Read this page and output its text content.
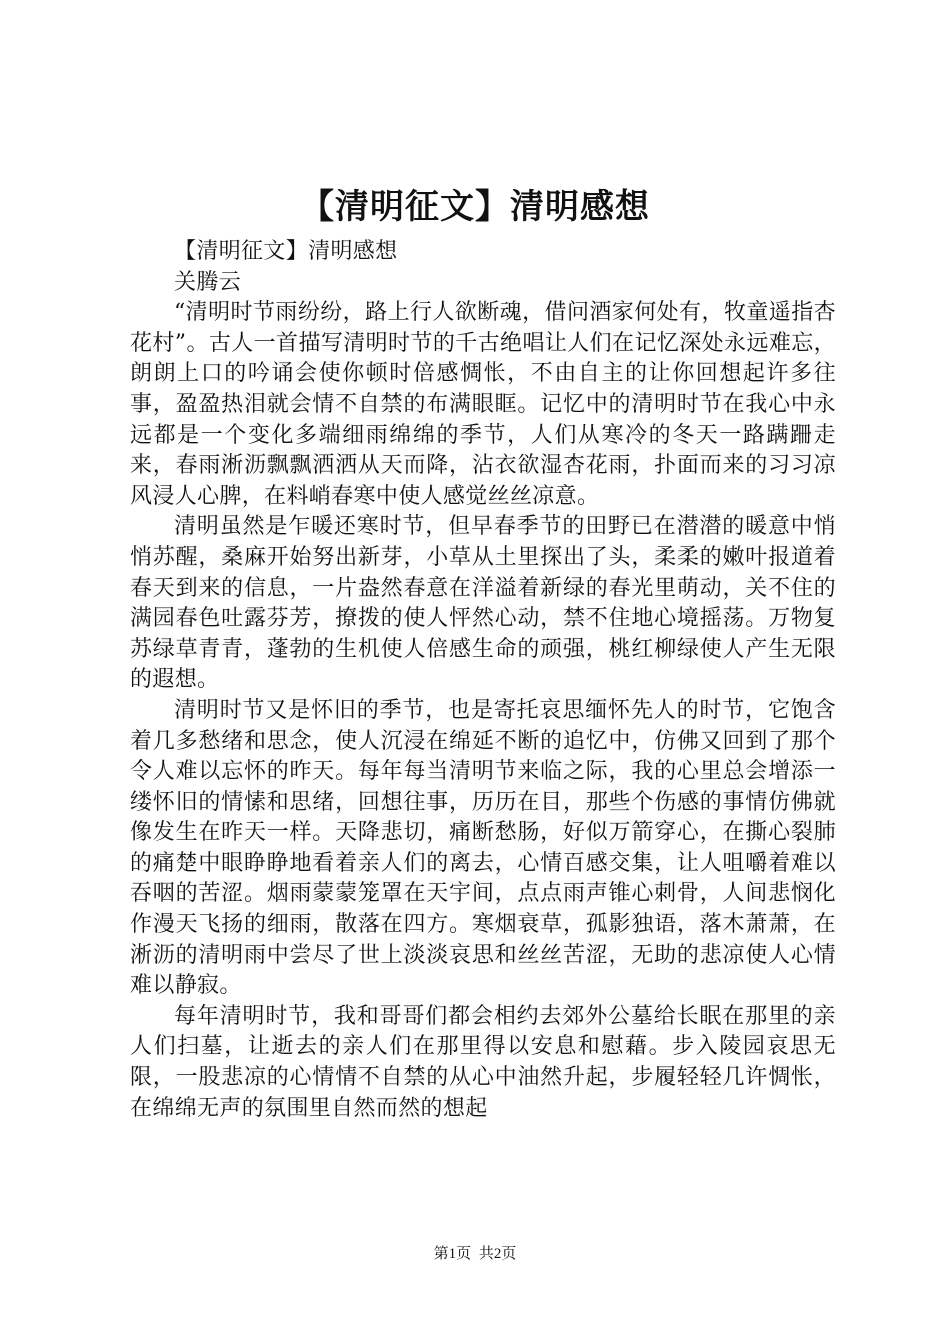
【清明征文】清明感想

【清明征文】清明感想

关腾云

“清明时节雨纷纷，路上行人欲断魂，借问酒家何处有，牧童遥指杏花村”。古人一首描写清明时节的千古绝唱让人们在记忆深处永远难忘，朗朗上口的吟诵会使你顿时倍感惆怅，不由自主的让你回想起许多往事，盈盈热泪就会情不自禁的布满眼眶。记忆中的清明时节在我心中永远都是一个变化多端细雨绵绵的季节，人们从寒冷的冬天一路蹒跚走来，春雨淅沥飘飘洒洒从天而降，沾衣欲湿杏花雨，扑面而来的习习凉风浸人心脾，在料峭春寒中使人感觉丝丝凉意。

清明虽然是乍暖还寒时节，但早春季节的田野已在潜潜的暖意中悄悄苏醒，桑麻开始努出新芽，小草从土里探出了头，柔柔的嫩叶报道着春天到来的信息，一片盎然春意在洋溢着新绿的春光里萌动，关不住的满园春色吐露芬芳，撩拨的使人怦然心动，禁不住地心境摇荡。万物复苏绿草青青，蓬勃的生机使人倍感生命的顽强，桃红柳绿使人产生无限的遐想。

清明时节又是怀旧的季节，也是寄托哀思缅怀先人的时节，它饱含着几多愁绪和思念，使人沉浸在绵延不断的追忆中，仿佛又回到了那个令人难以忘怀的昨天。每年每当清明节来临之际，我的心里总会增添一缕怀旧的情愫和思绪，回想往事，历历在目，那些个伤感的事情仿佛就像发生在昨天一样。天降悲切，痛断愁肠，好似万箭穿心，在撕心裂肺的痛楚中眼睁睁地看着亲人们的离去，心情百感交集，让人咀嚼着难以吞咽的苦涩。烟雨蒙蒙笼罩在天宇间，点点雨声锥心刺骨，人间悲悯化作漫天飞扬的细雨，散落在四方。寒烟衰草，孤影独语，落木萧萧，在淅沥的清明雨中尝尽了世上淡淡哀思和丝丝苦涩，无助的悲凉使人心情难以静寂。

每年清明时节，我和哥哥们都会相约去郊外公墓给长眠在那里的亲人们扫墓，让逝去的亲人们在那里得以安息和慰藉。步入陵园哀思无限，一股悲凉的心情情不自禁的从心中油然升起，步履轻轻几许惆怅，在绵绵无声的氛围里自然而然的想起

第1页 共2页
